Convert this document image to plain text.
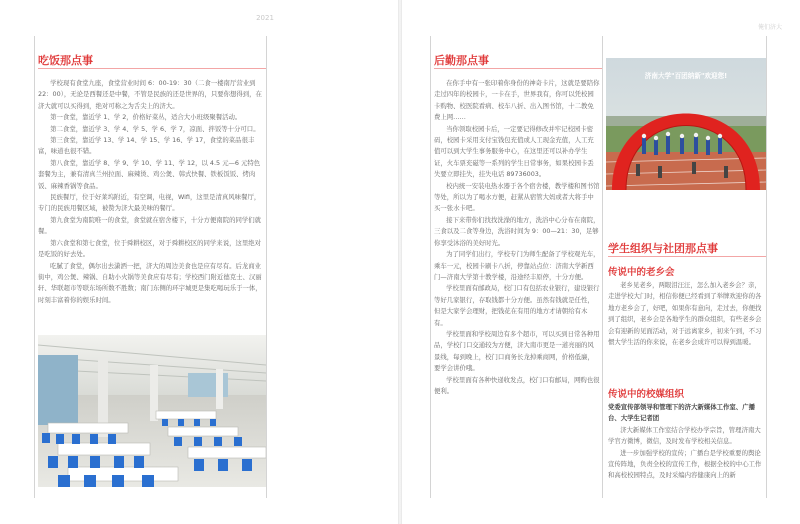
2021
吃饭那点事

学校现有食堂九座，食堂营业时间 6：00-19：30（二食一楼南厅营业到 22：00），无论是西餐还是中餐，不管是民族的还是世界的，只要你想得到，在济大就可以买得到，绝对可称之为舌尖上的济大。

第一食堂，靠近学 1、学 2，价格好菜丛，适合大小班级聚餐活动。

第二食堂，靠近学 3、学 4、学 5、学 6、学 7，凉面、拌饭等十分可口。

第三食堂，靠近学 13、学 14、学 15、学 16、学 17，食堂的菜品很丰富，味道也很不错。

第八食堂，靠近学 8、学 9、学 10、学 11、学 12，以 4.5 元—6 元特色套餐为主，兼有清真兰州拉面、麻辣烫、鸡公煲、韩式快餐、铁板饭饭、烤肉饭、麻辣香锅等食品。

民族餐厅，位于好莱坞附近，有空调，电视，Wifi，这里是清真风味餐厅，专门的民族用餐区域，被赞为济大最美味的餐厅。

第九食堂为南院唯一的食堂，食堂就在宿舍楼下，十分方便南院的同学们就餐。

第六食堂和第七食堂，位于舜耕校区，对于舜耕校区的同学来说，这里绝对是吃饭的好去处。

吃腻了食堂，偶尔出去潇洒一把，济大的周边美食也是应有尽有。后龙商业街中，鸡公煲、辣锅、自助小火锅等美食应有尽有；学校西门附近德克士、汉丽轩、华联超市等联东场所数不胜数；南门东侧的环宇城更是集吃喝玩乐于一体，时刻丰富着你的娱乐时间。

俺们济大
后勤那点事

在你手中有一张印着你身份的神奇卡片，这就是要陪你走过四年的校园卡，一卡在手，世界我有，你可以凭校园卡购物、校医院看病、校车八折、出入图书馆，十二教免费上网……

当你领取校园卡后，一定要记得修改并牢记校园卡密码，校园卡采用支付宝钱包充值或人工现金充值，人工充值可以到大学生事务服务中心，在这里还可以补办学生证，火车票充磁等一系列的学生日常事务，如果校园卡丢失要立即挂失，挂失电话 89736003。

校内统一安装电热水器于各个宿舍楼，教学楼和图书馆等处，所以为了喝水方便，赶紧从宿管大妈或者大将手中买一张水卡吧。

接下来带你们找找洗澡的地方，洗浴中心分布在南院，三食以及二食等身边，洗浴时间为 9：00—21：30，足够你享受沐浴的美好时光。

为了同学们出行，学校专门为师生配备了学校观光车，乘车一元，校园卡刷卡八折，停靠站点位：济南大学新西门—济南大学第十教学楼，沿途经丰原停，十分方便。

学校里面有邮政局，校门口有包括农业银行，建设银行等好几家银行，存取钱都十分方便。虽然有钱就是任性，但是大家学会理财，把钱花在有用的地方才请朝给有木有。

学校里面和学校周边有多个超市，可以买到日常各种用品，学校门口交通较为方便，济大南市更是一道亮丽的风景线，每到晚上，校门口商务长龙掉乘商网，价格低廉，要学会讲价哦。

学校里面有各种快递收发点，校门口有邮局，网购也很便利。

济南大学"百团纳新"欢迎您!
学生组织与社团那点事
传说中的老乡会

老乡见老乡，两眼泪汪汪，怎么加入老乡会？亲，走进学校大门时，相信你便已经看到了举牌欢迎你的各地方老乡会了，好吧，如果你有意向，走过去，你便找到了组织，老乡会是各地学生的群众组织，有些老乡会会有迎新的见面活动，对于远离家乡，初来乍到，不习惯大学生活的你来说，在老乡会成许可以得到温暖。

传说中的校媒组织

党委宣传部领导和管理下的济大新媒体工作室、广播台、大学生记者团

济大新媒体工作室结合学校办学宗旨，管理济南大学官方微博，微信，及时发布学校相关信息。

进一步加强学校的宣传；广播台是学校重要的舆论宣传阵地，负责全校的宣传工作，根据全校的中心工作和高校校园特点，及时采编内容健康向上的新
